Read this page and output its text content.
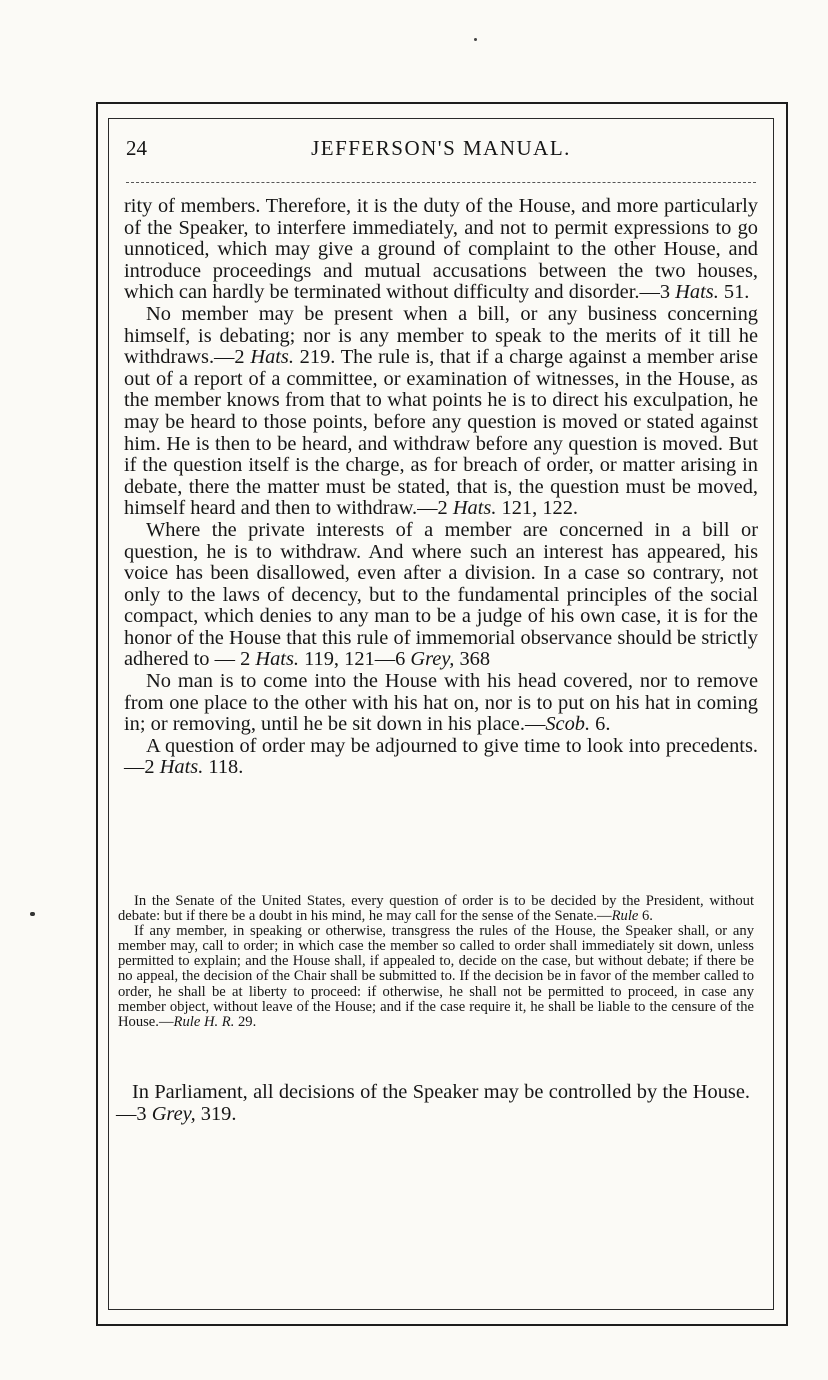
24	JEFFERSON'S MANUAL.

rity of members. Therefore, it is the duty of the House, and more particularly of the Speaker, to interfere immediately, and not to permit expressions to go unnoticed, which may give a ground of complaint to the other House, and introduce proceedings and mutual accusations between the two houses, which can hardly be terminated without difficulty and disorder.—3 Hats. 51.

No member may be present when a bill, or any business concerning himself, is debating; nor is any member to speak to the merits of it till he withdraws.—2 Hats. 219. The rule is, that if a charge against a member arise out of a report of a committee, or examination of witnesses, in the House, as the member knows from that to what points he is to direct his exculpation, he may be heard to those points, before any question is moved or stated against him. He is then to be heard, and withdraw before any question is moved. But if the question itself is the charge, as for breach of order, or matter arising in debate, there the matter must be stated, that is, the question must be moved, himself heard and then to withdraw.—2 Hats. 121, 122.

Where the private interests of a member are concerned in a bill or question, he is to withdraw. And where such an interest has appeared, his voice has been disallowed, even after a division. In a case so contrary, not only to the laws of decency, but to the fundamental principles of the social compact, which denies to any man to be a judge of his own case, it is for the honor of the House that this rule of immemorial observance should be strictly adhered to — 2 Hats. 119, 121—6 Grey, 368

No man is to come into the House with his head covered, nor to remove from one place to the other with his hat on, nor is to put on his hat in coming in; or removing, until he be sit down in his place.—Scob. 6.

A question of order may be adjourned to give time to look into precedents.—2 Hats. 118.

In the Senate of the United States, every question of order is to be decided by the President, without debate: but if there be a doubt in his mind, he may call for the sense of the Senate.—Rule 6.

If any member, in speaking or otherwise, transgress the rules of the House, the Speaker shall, or any member may, call to order; in which case the member so called to order shall immediately sit down, unless permitted to explain; and the House shall, if appealed to, decide on the case, but without debate; if there be no appeal, the decision of the Chair shall be submitted to. If the decision be in favor of the member called to order, he shall be at liberty to proceed: if otherwise, he shall not be permitted to proceed, in case any member object, without leave of the House; and if the case require it, he shall be liable to the censure of the House.—Rule H. R. 29.

In Parliament, all decisions of the Speaker may be controlled by the House.—3 Grey, 319.
